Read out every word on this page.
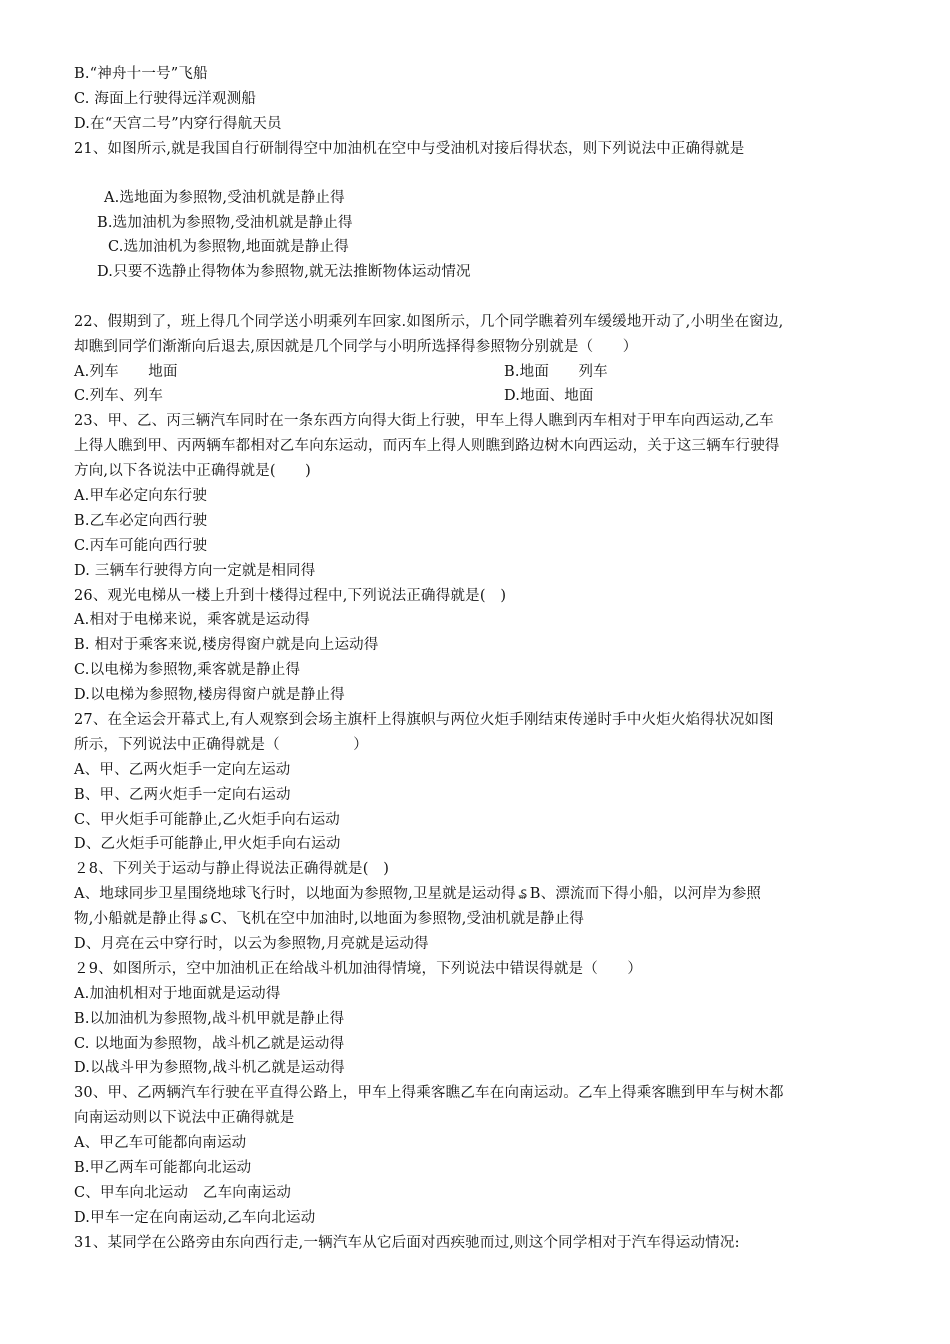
B.“神舟十一号”飞船
C. 海面上行驶得远洋观测船
D.在“天宫二号”内穿行得航天员
21、如图所示,就是我国自行研制得空中加油机在空中与受油机对接后得状态，则下列说法中正确得就是
A.选地面为参照物,受油机就是静止得
B.选加油机为参照物,受油机就是静止得
C.选加油机为参照物,地面就是静止得
D.只要不选静止得物体为参照物,就无法推断物体运动情况
22、假期到了，班上得几个同学送小明乘列车回家.如图所示，几个同学瞧着列车缓缓地开动了,小明坐在窗边,
却瞧到同学们渐渐向后退去,原因就是几个同学与小明所选择得参照物分别就是（　　）
A.列车　　地面	B.地面　　列车
C.列车、列车	D.地面、地面
23、甲、乙、丙三辆汽车同时在一条东西方向得大街上行驶，甲车上得人瞧到丙车相对于甲车向西运动,乙车
上得人瞧到甲、丙两辆车都相对乙车向东运动，而丙车上得人则瞧到路边树木向西运动，关于这三辆车行驶得
方向,以下各说法中正确得就是(　　)
A.甲车必定向东行驶
B.乙车必定向西行驶
C.丙车可能向西行驶
D. 三辆车行驶得方向一定就是相同得
26、观光电梯从一楼上升到十楼得过程中,下列说法正确得就是(　)
A.相对于电梯来说，乘客就是运动得
B. 相对于乘客来说,楼房得窗户就是向上运动得
C.以电梯为参照物,乘客就是静止得
D.以电梯为参照物,楼房得窗户就是静止得
27、在全运会开幕式上,有人观察到会场主旗杆上得旗帜与两位火炬手刚结束传递时手中火炬火焰得状况如图
所示，下列说法中正确得就是（　　　　　）
A、甲、乙两火炬手一定向左运动
B、甲、乙两火炬手一定向右运动
C、甲火炬手可能静止,乙火炬手向右运动
D、乙火炬手可能静止,甲火炬手向右运动
２8、下列关于运动与静止得说法正确得就是(　)
A、地球同步卫星围绕地球飞行时，以地面为参照物,卫星就是运动得 ₷ B、漂流而下得小船，以河岸为参照
物,小船就是静止得 ₷ C、飞机在空中加油时,以地面为参照物,受油机就是静止得
D、月亮在云中穿行时，以云为参照物,月亮就是运动得
２9、如图所示，空中加油机正在给战斗机加油得情境，下列说法中错误得就是（　　）
A.加油机相对于地面就是运动得
B.以加油机为参照物,战斗机甲就是静止得
C. 以地面为参照物，战斗机乙就是运动得
D.以战斗甲为参照物,战斗机乙就是运动得
30、甲、乙两辆汽车行驶在平直得公路上，甲车上得乘客瞧乙车在向南运动。乙车上得乘客瞧到甲车与树木都
向南运动则以下说法中正确得就是
A、甲乙车可能都向南运动
B.甲乙两车可能都向北运动
C、甲车向北运动　乙车向南运动
D.甲车一定在向南运动,乙车向北运动
31、某同学在公路旁由东向西行走,一辆汽车从它后面对西疾驰而过,则这个同学相对于汽车得运动情况:
